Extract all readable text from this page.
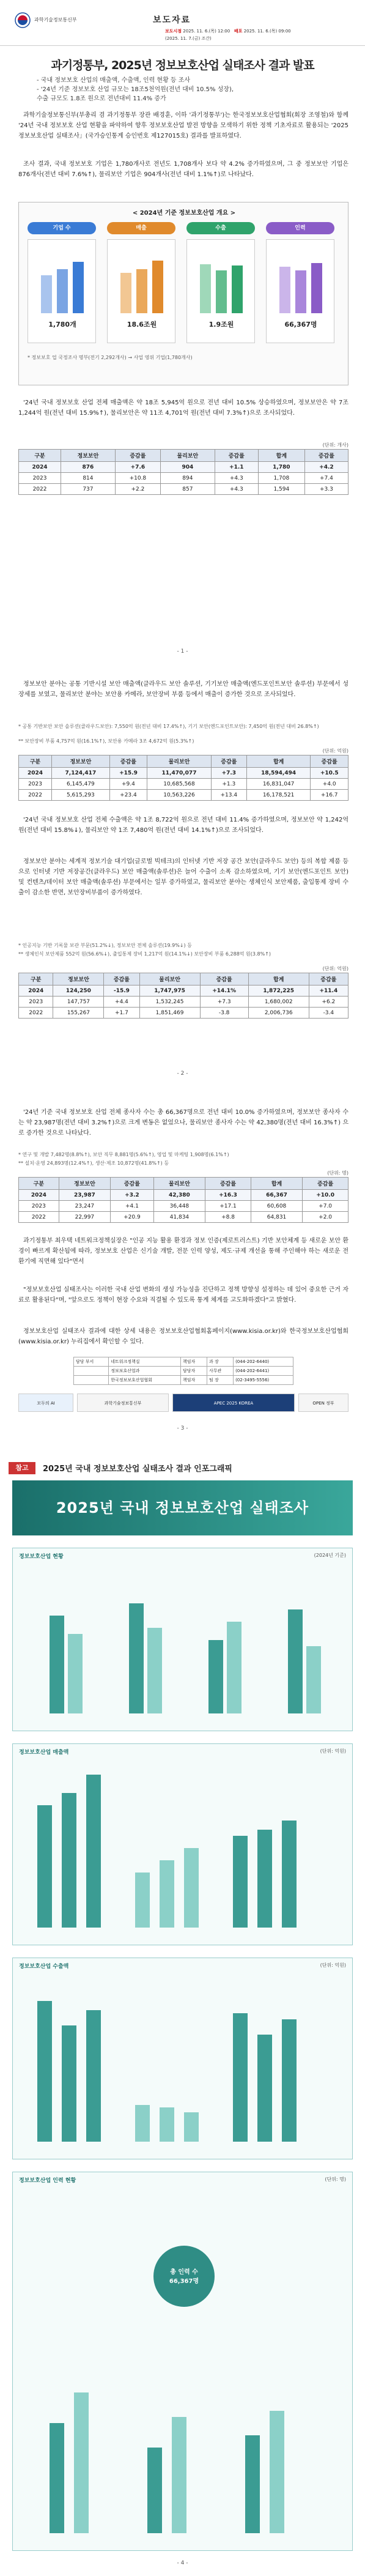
과학기술정보통신부	보도자료
보도시점 2025. 11. 6.(목) 12:00 배포 2025. 11. 6.(목) 09:00
(2025. 11. 7.(금) 조간)
과기정통부, 2025년 정보보호산업 실태조사 결과 발표
- 국내 정보보호 산업의 매출액, 수출액, 인력 현황 등 조사
- '24년 기준 정보보호 산업 규모는 18조5천억원(전년 대비 10.5% 성장),
수출 규모도 1.8조 원으로 전년대비 11.4% 증가
과학기술정보통신부(부총리 겸 과기정통부 장관 배경훈, 이하 '과기정통부')는 한국정보보호산업협회(회장 조영철)와 함께 '24년 국내 정보보호 산업 현황을 파악하여 향후 정보보호산업 발전 방향을 모색하기 위한 정책 기초자료로 활용되는 '2025 정보보호산업 실태조사」(국가승인통계 승인번호 제127015호) 결과를 발표하였다.
조사 결과, 국내 정보보호 기업은 1,780개사로 전년도 1,708개사 보다 약 4.2% 증가하였으며, 그 중 정보보안 기업은 876개사(전년 대비 7.6%↑), 물리보안 기업은 904개사(전년 대비 1.1%↑)로 나타났다.
< 2024년 기준 정보보호산업 개요 >
기업 수	매출	수출	인력
1,780개	18.6조원	1.9조원	66,367명
* 정보보호 업 국정조사 명부(전기 2,292개사) → 사업 영위 기업(1,780개사)
'24년 국내 정보보호 산업 전체 매출액은 약 18조 5,945억 원으로 전년 대비 10.5% 상승하였으며, 정보보안은 약 7조 1,244억 원(전년 대비 15.9%↑), 물리보안은 약 11조 4,701억 원(전년 대비 7.3%↑)으로 조사되었다.
(단위: 개사)
구분	정보보안	증감률	물리보안	증감률	합계	증감률
2024	876	+7.6	904	+1.1	1,780	+4.2
2023	814	+10.8	894	+4.3	1,708	+7.4
2022	737	+2.2	857	+4.3	1,594	+3.3
- 1 -
정보보안 분야는 공통 기반시설 보안 매출액(클라우드 보안 솔루션, 기기보안 매출액(엔드포인트보안 솔루션) 부문에서 성장세를 보였고, 물리보안 분야는 보안용 카메라, 보안장비 부품 등에서 매출이 증가한 것으로 조사되었다.
* 공통 기반보안 보안 솔루션(클라우드보안): 7,550억 원(전년 대비 17.4%↑), 기기 보안(엔드포인트보안): 7,450억 원(전년 대비 26.8%↑)
** 보안장비 부품 4,757억 원(16.1%↑), 보안용 카메라 3조 4,672억 원(5.3%↑)
(단위: 억원)
구분	정보보안	증감률	물리보안	증감률	합계	증감률
2024	7,124,417	+15.9	11,470,077	+7.3	18,594,494	+10.5
2023	6,145,479	+9.4	10,685,568	+1.3	16,831,047	+4.0
2022	5,615,293	+23.4	10,563,226	+13.4	16,178,521	+16.7
'24년 국내 정보보호 산업 전체 수출액은 약 1조 8,722억 원으로 전년 대비 11.4% 증가하였으며, 정보보안 약 1,242억 원(전년 대비 15.8%↓), 물리보안 약 1조 7,480억 원(전년 대비 14.1%↑)으로 조사되었다.
정보보안 분야는 세계적 정보기술 대기업(글로벌 빅테크)의 인터넷 기반 저장 공간 보안(클라우드 보안) 등의 복합 제품 등으로 인터넷 기반 저장공간(클라우드) 보안 매출액(솔루션)은 늘어 수출이 소폭 감소하였으며, 기기 보안(엔드포인트 보안) 및 컨텐츠/데이터 보안 매출액(솔루션) 부문에서는 일부 증가하였고, 물리보안 분야는 생체인식 보안제품, 출입통제 장비 수출이 감소한 반면, 보안장비부품이 증가하였다.
* 인공지능 기반 기록물 보관 부문(51.2%↓), 정보보안 전체 솔루션(19.9%↓) 등
** 생체인식 보안제품 552억 원(56.6%↓), 출입통제 장비 1,217억 원(14.1%↓) 보안장비 부품 6,288억 원(3.8%↑)
(단위: 억원)
구분	정보보안	증감률	물리보안	증감률	합계	증감률
2024	124,250	-15.9	1,747,975	+14.1%	1,872,225	+11.4
2023	147,757	+4.4	1,532,245	+7.3	1,680,002	+6.2
2022	155,267	+1.7	1,851,469	-3.8	2,006,736	-3.4
- 2 -
'24년 기준 국내 정보보호 산업 전체 종사자 수는 총 66,367명으로 전년 대비 10.0% 증가하였으며, 정보보안 종사자 수는 약 23,987명(전년 대비 3.2%↑)으로 크게 변동은 없었으나, 물리보안 종사자 수는 약 42,380명(전년 대비 16.3%↑) 으로 증가한 것으로 나타났다.
* 연구 및 개발 7,482명(8.8%↑), 보안 직무 8,881명(5.6%↑), 영업 및 마케팅 1,908명(6.1%↑)
** 설치·운영 24,893명(12.4%↑), 생산·제조 10,872명(41.8%↑) 등
(단위: 명)
구분	정보보안	증감률	물리보안	증감률	합계	증감률
2024	23,987	+3.2	42,380	+16.3	66,367	+10.0
2023	23,247	+4.1	36,448	+17.1	60,608	+7.0
2022	22,997	+20.9	41,834	+8.8	64,831	+2.0
과기정통부 최우택 네트워크정책실장은 "인공 지능 활용 환경과 정보 인증(제로트러스트) 기반 보안체계 등 새로운 보안 환경이 빠르게 확산됨에 따라, 정보보호 산업은 신기술 개발, 전문 인력 양성, 제도·규제 개선을 통해 주인해야 하는 새로운 전환기에 직면해 있다"면서
"정보보호산업 실태조사는 이러한 국내 산업 변화의 생성 가능성을 진단하고 정책 방향성 설정하는 데 있어 중요한 근거 자료로 활용된다"며, "앞으로도 정책이 현장 수요와 직결될 수 있도록 통계 체계를 고도화하겠다"고 밝혔다.
정보보호산업 실태조사 결과에 대한 상세 내용은 정보보호산업협회홈페이지(www.kisia.or.kr)와 한국정보보호산업협회(www.kisia.or.kr) 누리집에서 확인할 수 있다.
담당 부서	네트워크정책실	책임자	과 장	(044-202-6440)
	정보보호산업과	담당자	사무관	(044-202-6441)
	한국정보보호산업협회	책임자	팀 장	(02-3495-5556)
모두의 AI	과학기술정보통신부	APEC 2025 KOREA	OPEN 정부
- 3 -
참고	2025년 국내 정보보호산업 실태조사 결과 인포그래픽
2025년 국내 정보보호산업 실태조사
정보보호산업 현황	(2024년 기준)
정보보호산업 매출액	(단위: 억원)
정보보호산업 수출액	(단위: 억원)
정보보호산업 인력 현황	(단위: 명)
총 인력 수
66,367명
- 4 -
